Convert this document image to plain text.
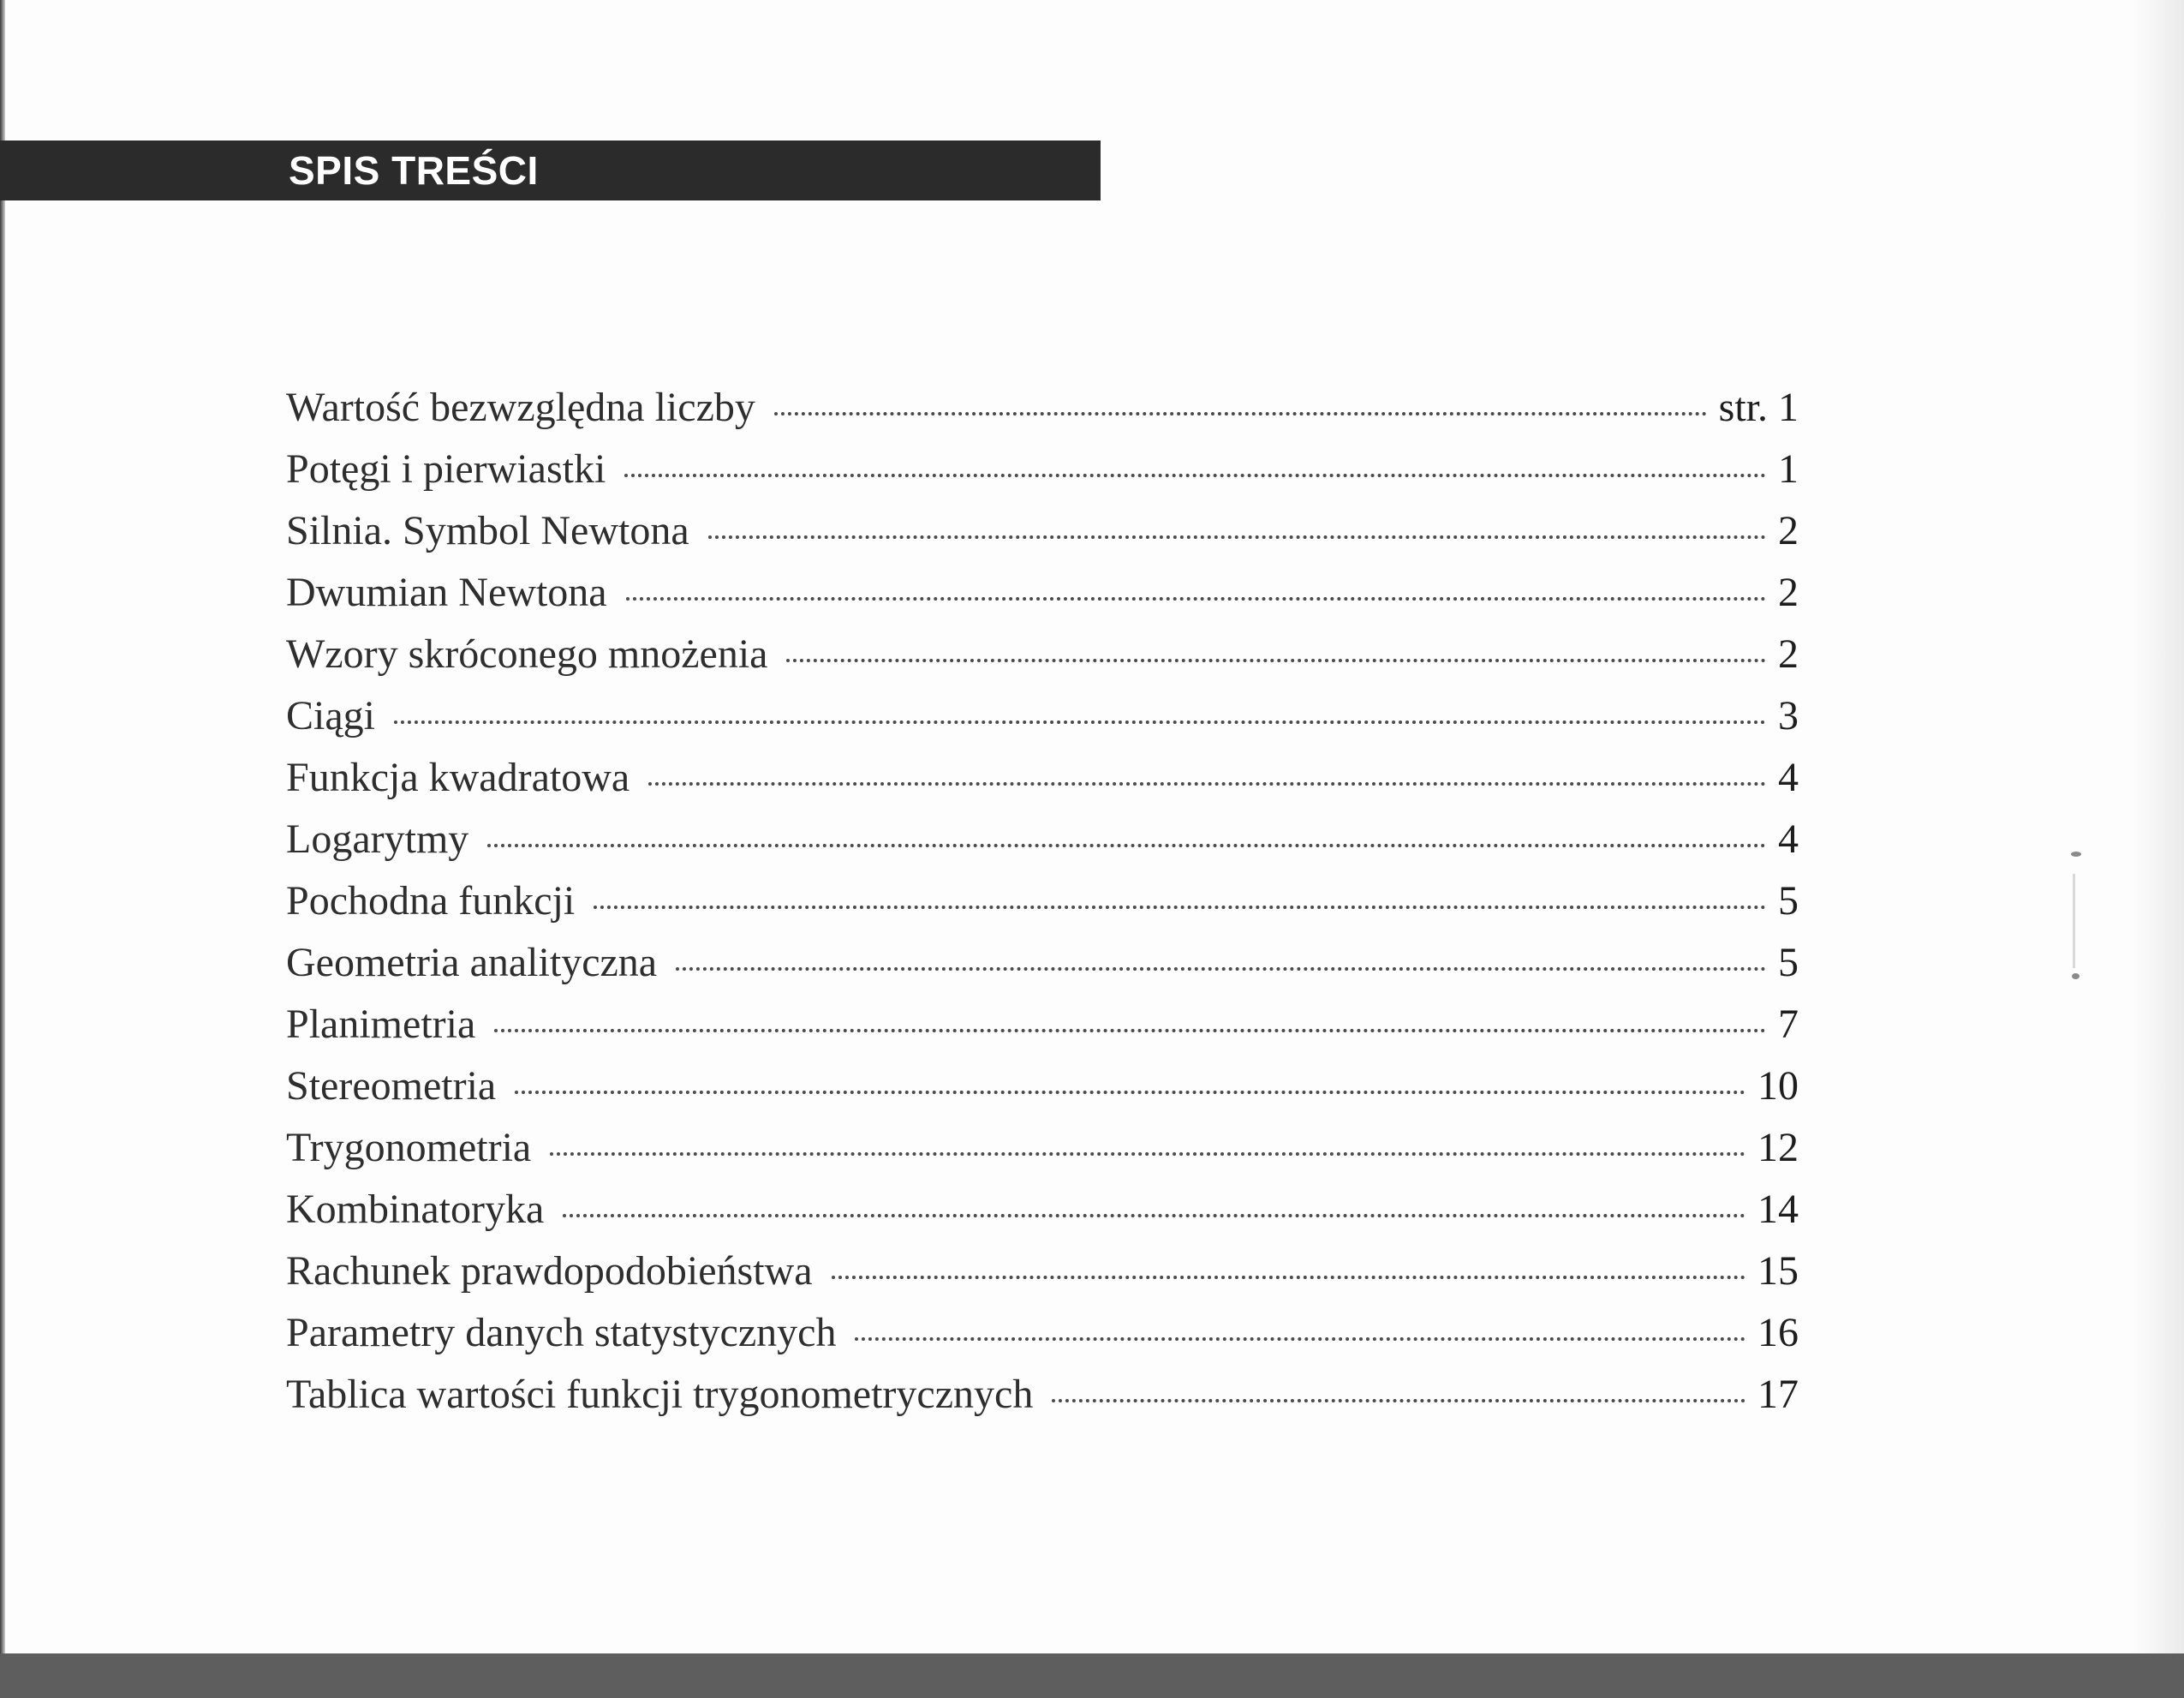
SPIS TREŚCI
Wartość bezwzględna liczby	str. 1
Potęgi i pierwiastki	1
Silnia. Symbol Newtona	2
Dwumian Newtona	2
Wzory skróconego mnożenia	2
Ciągi	3
Funkcja kwadratowa	4
Logarytmy	4
Pochodna funkcji	5
Geometria analityczna	5
Planimetria	7
Stereometria	10
Trygonometria	12
Kombinatoryka	14
Rachunek prawdopodobieństwa	15
Parametry danych statystycznych	16
Tablica wartości funkcji trygonometrycznych	17
